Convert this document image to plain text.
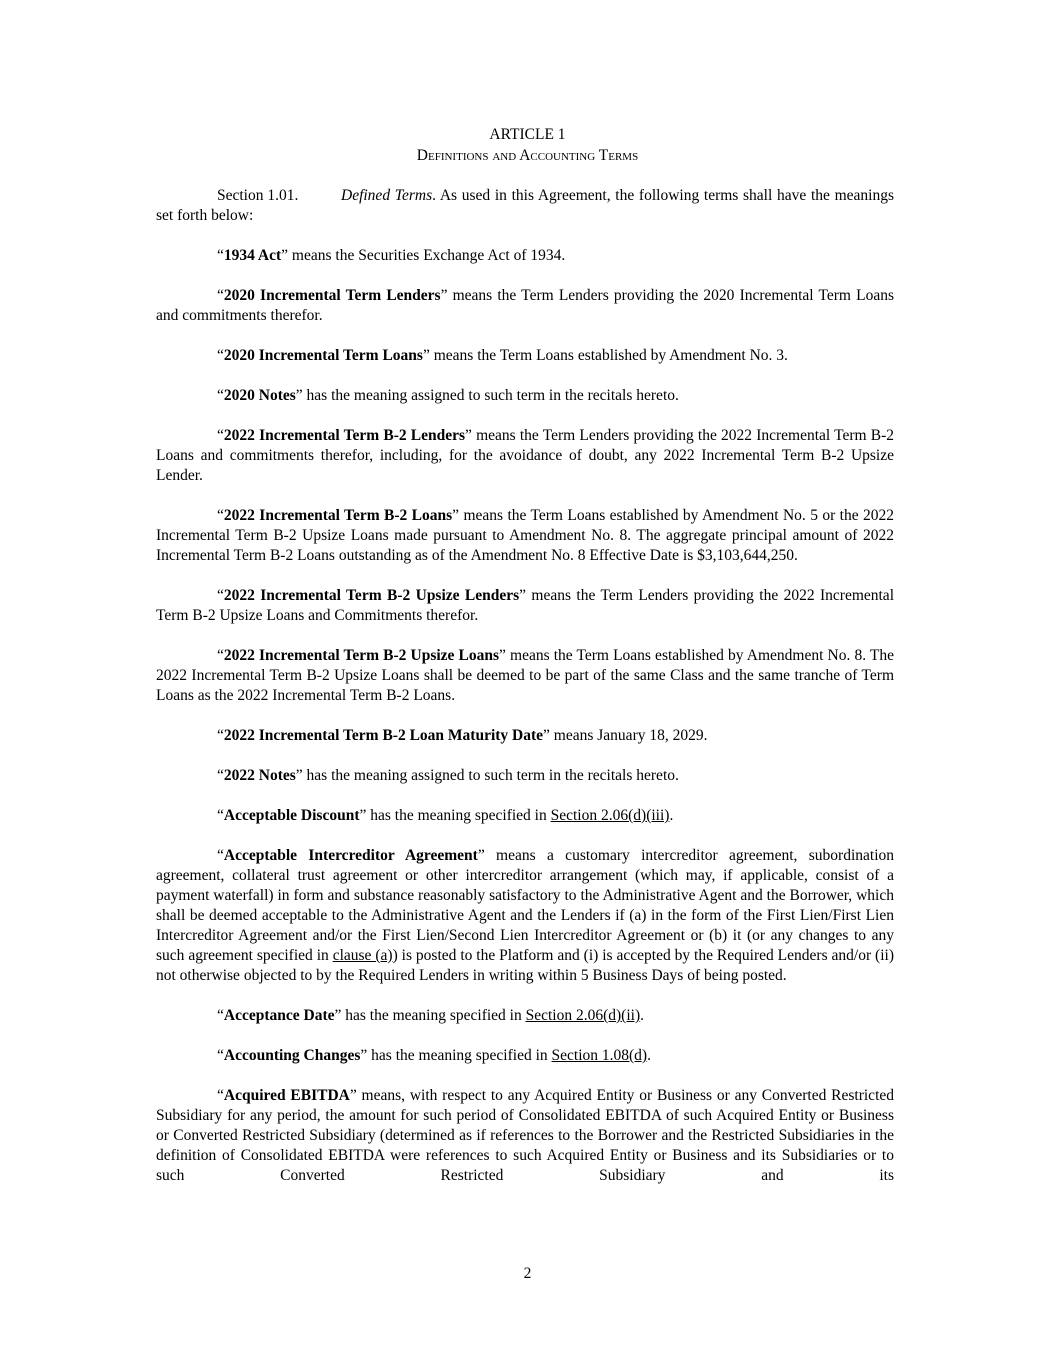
ARTICLE 1
Definitions and Accounting Terms

Section 1.01.	Defined Terms. As used in this Agreement, the following terms shall have the meanings set forth below:

“1934 Act” means the Securities Exchange Act of 1934.

“2020 Incremental Term Lenders” means the Term Lenders providing the 2020 Incremental Term Loans and commitments therefor.

“2020 Incremental Term Loans” means the Term Loans established by Amendment No. 3.

“2020 Notes” has the meaning assigned to such term in the recitals hereto.

“2022 Incremental Term B-2 Lenders” means the Term Lenders providing the 2022 Incremental Term B-2 Loans and commitments therefor, including, for the avoidance of doubt, any 2022 Incremental Term B-2 Upsize Lender.

“2022 Incremental Term B-2 Loans” means the Term Loans established by Amendment No. 5 or the 2022 Incremental Term B-2 Upsize Loans made pursuant to Amendment No. 8. The aggregate principal amount of 2022 Incremental Term B-2 Loans outstanding as of the Amendment No. 8 Effective Date is $3,103,644,250.

“2022 Incremental Term B-2 Upsize Lenders” means the Term Lenders providing the 2022 Incremental Term B-2 Upsize Loans and Commitments therefor.

“2022 Incremental Term B-2 Upsize Loans” means the Term Loans established by Amendment No. 8. The 2022 Incremental Term B-2 Upsize Loans shall be deemed to be part of the same Class and the same tranche of Term Loans as the 2022 Incremental Term B-2 Loans.

“2022 Incremental Term B-2 Loan Maturity Date” means January 18, 2029.

“2022 Notes” has the meaning assigned to such term in the recitals hereto.

“Acceptable Discount” has the meaning specified in Section 2.06(d)(iii).

“Acceptable Intercreditor Agreement” means a customary intercreditor agreement, subordination agreement, collateral trust agreement or other intercreditor arrangement (which may, if applicable, consist of a payment waterfall) in form and substance reasonably satisfactory to the Administrative Agent and the Borrower, which shall be deemed acceptable to the Administrative Agent and the Lenders if (a) in the form of the First Lien/First Lien Intercreditor Agreement and/or the First Lien/Second Lien Intercreditor Agreement or (b) it (or any changes to any such agreement specified in clause (a)) is posted to the Platform and (i) is accepted by the Required Lenders and/or (ii) not otherwise objected to by the Required Lenders in writing within 5 Business Days of being posted.

“Acceptance Date” has the meaning specified in Section 2.06(d)(ii).

“Accounting Changes” has the meaning specified in Section 1.08(d).

“Acquired EBITDA” means, with respect to any Acquired Entity or Business or any Converted Restricted Subsidiary for any period, the amount for such period of Consolidated EBITDA of such Acquired Entity or Business or Converted Restricted Subsidiary (determined as if references to the Borrower and the Restricted Subsidiaries in the definition of Consolidated EBITDA were references to such Acquired Entity or Business and its Subsidiaries or to such Converted Restricted Subsidiary and its

2
